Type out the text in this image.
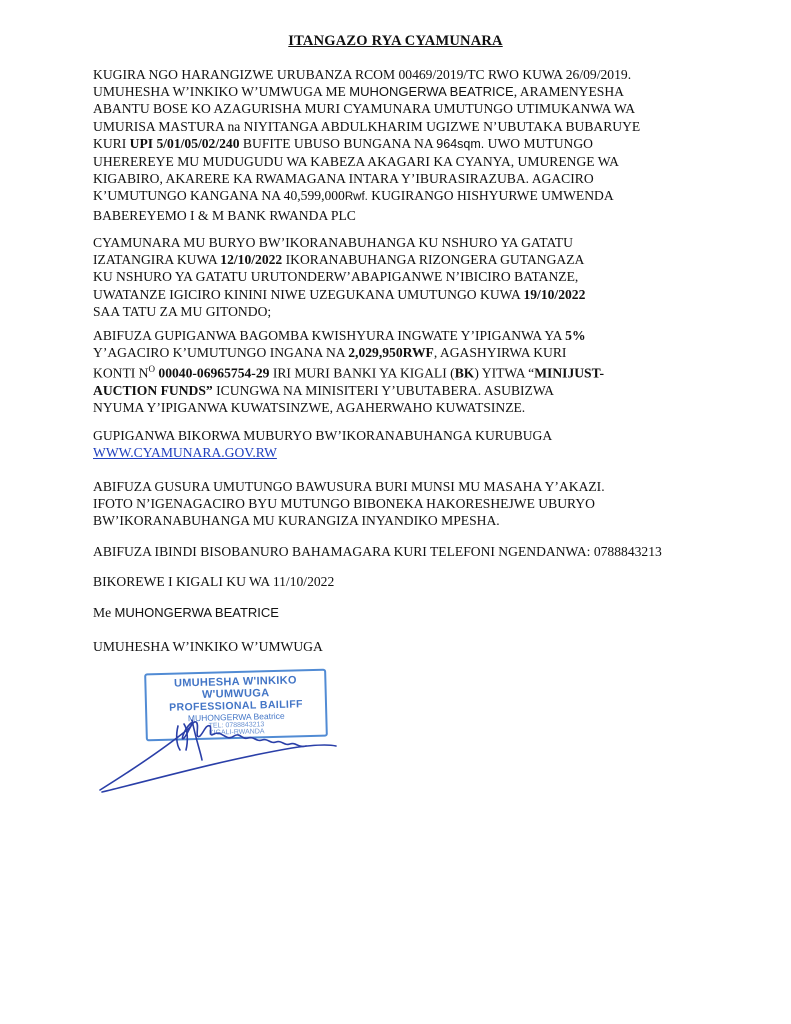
ITANGAZO RYA CYAMUNARA
KUGIRA NGO HARANGIZWE URUBANZA RCOM 00469/2019/TC RWO KUWA 26/09/2019.
UMUHESHA W’INKIKO W’UMWUGA ME MUHONGERWA BEATRICE, ARAMENYESHA
ABANTU BOSE KO AZAGURISHA MURI CYAMUNARA UMUTUNGO UTIMUKANWA WA
UMURISA MASTURA na NIYITANGA ABDULKHARIM UGIZWE N’UBUTAKA BUBARUYE
KURI UPI 5/01/05/02/240 BUFITE UBUSO BUNGANA NA 964sqm. UWO MUTUNGO
UHEREREYE MU MUDUGUDU WA KABEZA AKAGARI KA CYANYA, UMURENGE WA
KIGABIRO, AKARERE KA RWAMAGANA INTARA Y’IBURASIRAZUBA. AGACIRO
K’UMUTUNGO KANGANA NA 40,599,000Rwf. KUGIRANGO HISHYURWE UMWENDA
BABEREYEMO I & M BANK RWANDA PLC
CYAMUNARA MU BURYO BW’IKORANABUHANGA KU NSHURO YA GATATU
IZATANGIRA KUWA 12/10/2022 IKORANABUHANGA RIZONGERA GUTANGAZA
KU NSHURO YA GATATU URUTONDERW’ABAPIGANWE N’IBICIRO BATANZE,
UWATANZE IGICIRO KININI NIWE UZEGUKANA UMUTUNGO KUWA 19/10/2022
SAA TATU ZA MU GITONDO;
ABIFUZA GUPIGANWA BAGOMBA KWISHYURA INGWATE Y’IPIGANWA YA 5%
Y’AGACIRO K’UMUTUNGO INGANA NA 2,029,950RWF, AGASHYIRWA KURI
KONTI $N^O$ 00040-06965754-29 IRI MURI BANKI YA KIGALI (BK) YITWA “MINIJUST-
AUCTION FUNDS” ICUNGWA NA MINISITERI Y’UBUTABERA. ASUBIZWA
NYUMA Y’IPIGANWA KUWATSINZWE, AGAHERWAHO KUWATSINZE.
GUPIGANWA BIKORWA MUBURYO BW’IKORANABUHANGA KURUBUGA
WWW.CYAMUNARA.GOV.RW
ABIFUZA GUSURA UMUTUNGO BAWUSURA BURI MUNSI MU MASAHA Y’AKAZI.
IFOTO N’IGENAGACIRO BYU MUTUNGO BIBONEKA HAKORESHEJWE UBURYO
BW’IKORANABUHANGA MU KURANGIZA INYANDIKO MPESHA.
ABIFUZA IBINDI BISOBANURO BAHAMAGARA KURI TELEFONI NGENDANWA: 0788843213
BIKOREWE I KIGALI KU WA 11/10/2022
Me MUHONGERWA BEATRICE
UMUHESHA W’INKIKO W’UMWUGA
UMUHESHA W'INKIKO W'UMWUGA
PROFESSIONAL BAILIFF
MUHONGERWA Beatrice
TEL: 0788843213
KIGALI-RWANDA
